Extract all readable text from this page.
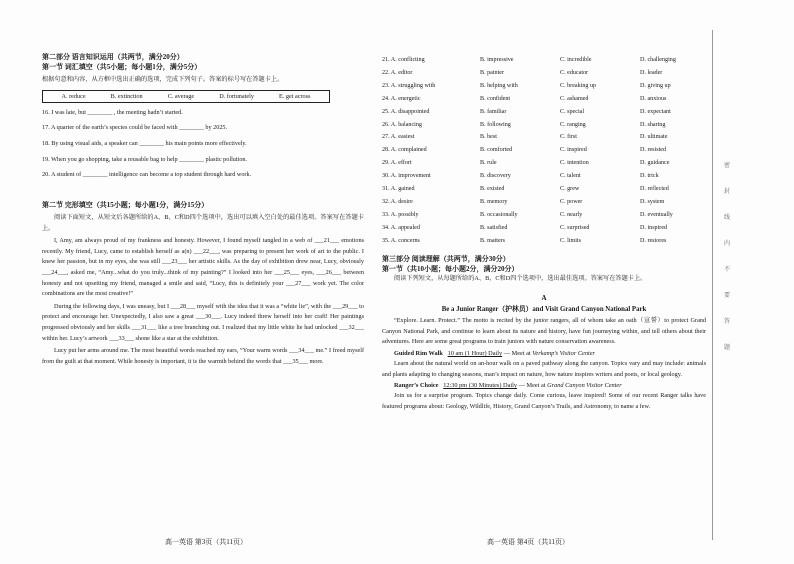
第二部分 语言知识运用（共两节，满分20分）

第一节 词汇填空（共5小题；每小题1分，满分5分）

根据句意和内容，从方框中选出正确的选项，完成下列句子。答案的标号写在答题卡上。

A. reduce	B. extinction	C. average	D. fortunately	E. get across

16. I was late, but ________ , the meeting hadn’t started.

17. A quarter of the earth’s species could be faced with ________ by 2025.

18. By using visual aids, a speaker can ________ his main points more effectively.

19. When you go shopping, take a reusable bag to help ________ plastic pollution.

20. A student of ________ intelligence can become a top student through hard work.

第二节 完形填空（共15小题；每小题1分，满分15分）

阅读下面短文，从短文后各题所给的A、B、C和D四个选项中，选出可以填入空白处的最佳选项。答案写在答题卡上。

I, Amy, am always proud of my frankness and honesty. However, I found myself tangled in a web of ___21___ emotions recently. My friend, Lucy, came to establish herself as a(n) ___22___, was preparing to present her work of art to the public. I knew her passion, but in my eyes, she was still ___23___ her artistic skills. As the day of exhibition drew near, Lucy, obviously ___24___, asked me, “Amy...what do you truly...think of my painting?” I looked into her ___25___ eyes, ___26___ between honesty and not upsetting my friend, managed a smile and said, “Lucy, this is definitely your ___27___ work yet. The color combinations are the most creative!”

During the following days, I was uneasy, but I ___28___ myself with the idea that it was a “white lie”, with the ___29___ to protect and encourage her. Unexpectedly, I also saw a great ___30___. Lucy indeed threw herself into her craft! Her paintings progressed obviously and her skills ___31___ like a tree branching out. I realized that my little white lie had unlocked ___32___ within her. Lucy’s artwork ___33___ shone like a star at the exhibition.

Lucy put her arms around me. The most beautiful words reached my ears, “Your warm words ___34___ me.” I freed myself from the guilt at that moment. While honesty is important, it is the warmth behind the words that ___35___ more.

21. A. conflicting	B. impressive	C. incredible	D. challenging
22. A. editor	B. painter	C. educator	D. leader
23. A. struggling with	B. helping with	C. breaking up	D. giving up
24. A. energetic	B. confident	C. ashamed	D. anxious
25. A. disappointed	B. familiar	C. special	D. expectant
26. A. balancing	B. following	C. ranging	D. sharing
27. A. easiest	B. best	C. first	D. ultimate
28. A. complained	B. comforted	C. inspired	D. resisted
29. A. effort	B. rule	C. intention	D. guidance
30. A. improvement	B. discovery	C. talent	D. trick
31. A. gained	B. existed	C. grew	D. reflected
32. A. desire	B. memory	C. power	D. system
33. A. possibly	B. occasionally	C. nearly	D. eventually
34. A. appealed	B. satisfied	C. surprised	D. inspired
35. A. concerns	B. matters	C. limits	D. restores

第三部分 阅读理解（共两节，满分30分）

第一节（共10小题；每小题2分，满分20分）

阅读下列短文，从每题所给的A、B、C和D四个选项中，选出最佳选项。答案写在答题卡上。

A

Be a Junior Ranger（护林员）and Visit Grand Canyon National Park

“Explore. Learn. Protect.” The motto is recited by the junior rangers, all of whom take an oath（宣誓）to protect Grand Canyon National Park, and continue to learn about its nature and history, have fun journeying within, and tell others about their adventures. Here are some great programs to train juniors with nature conservation awareness.

Guided Rim Walk 10 am (1 Hour) Daily — Meet at Verkamp’s Visitor Center

Learn about the natural world on an-hour walk on a paved pathway along the canyon. Topics vary and may include: animals and plants adapting to changing seasons, man’s impact on nature, how nature inspires writers and poets, or local geology.

Ranger’s Choice 12:30 pm (30 Minutes) Daily — Meet at Grand Canyon Visitor Center

Join us for a surprise program. Topics change daily. Come curious, leave inspired! Some of our recent Ranger talks have featured programs about: Geology, Wildlife, History, Grand Canyon’s Trails, and Astronomy, to name a few.

高一英语 第3页（共11页）	高一英语 第4页（共11页）
密
封
线
内
不
要
答
题
